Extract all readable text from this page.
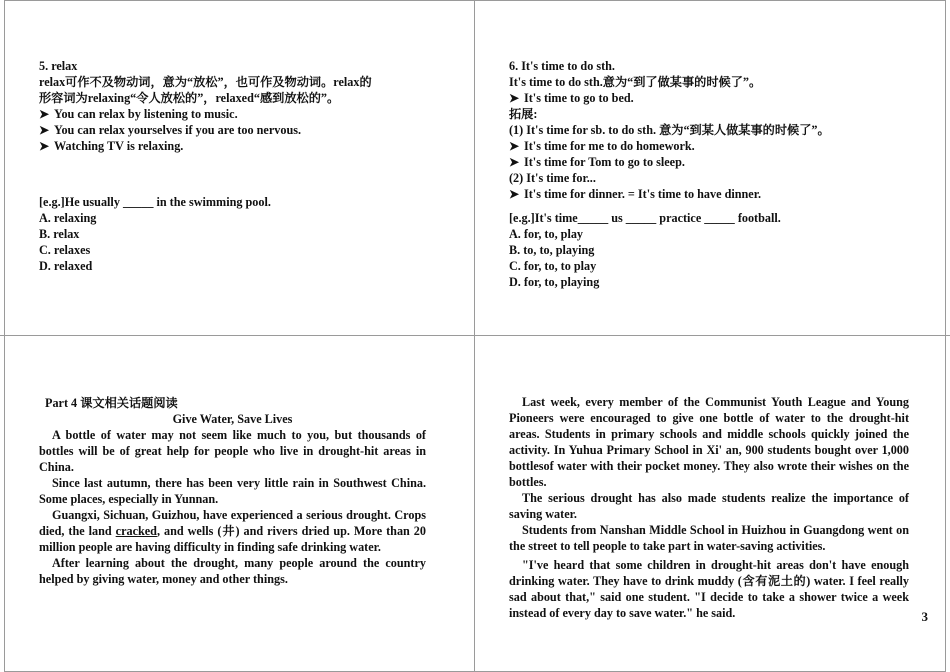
5. relax

relax可作不及物动词，意为“放松”，也可作及物动词。relax的

形容词为relaxing“令人放松的”，relaxed“感到放松的”。

➤ You can relax by listening to music.

➤ You can relax yourselves if you are too nervous.

➤ Watching TV is relaxing.

[e.g.]He usually _____ in the swimming pool.

A. relaxing

B. relax

C. relaxes

D. relaxed

6. It's time to do sth.

It's time to do sth.意为“到了做某事的时候了”。

➤ It's time to go to bed.

拓展:

(1) It's time for sb. to do sth. 意为“到某人做某事的时候了”。

➤ It's time for me to do homework.

➤ It's time for Tom to go to sleep.

(2) It's time for...

➤ It's time for dinner. = It's time to have dinner.

[e.g.]It's time_____ us _____ practice _____ football.

A. for, to, play

B. to, to, playing

C. for, to, to play

D. for, to, playing

Part 4 课文相关话题阅读

Give Water, Save Lives

A bottle of water may not seem like much to you, but thousands of bottles will be of great help for people who live in drought-hit areas in China.

Since last autumn, there has been very little rain in Southwest China. Some places, especially in Yunnan.

Guangxi, Sichuan, Guizhou, have experienced a serious drought. Crops died, the land cracked, and wells (井) and rivers dried up. More than 20 million people are having difficulty in finding safe drinking water.

After learning about the drought, many people around the country helped by giving water, money and other things.

Last week, every member of the Communist Youth League and Young Pioneers were encouraged to give one bottle of water to the drought-hit areas. Students in primary schools and middle schools quickly joined the activity. In Yuhua Primary School in Xi' an, 900 students bought over 1,000 bottlesof water with their pocket money. They also wrote their wishes on the bottles.

The serious drought has also made students realize the importance of saving water.

Students from Nanshan Middle School in Huizhou in Guangdong went on the street to tell people to take part in water-saving activities.

"I've heard that some children in drought-hit areas don't have enough drinking water. They have to drink muddy (含有泥土的) water. I feel really sad about that," said one student. "I decide to take a shower twice a week instead of every day to save water." he said.	3
